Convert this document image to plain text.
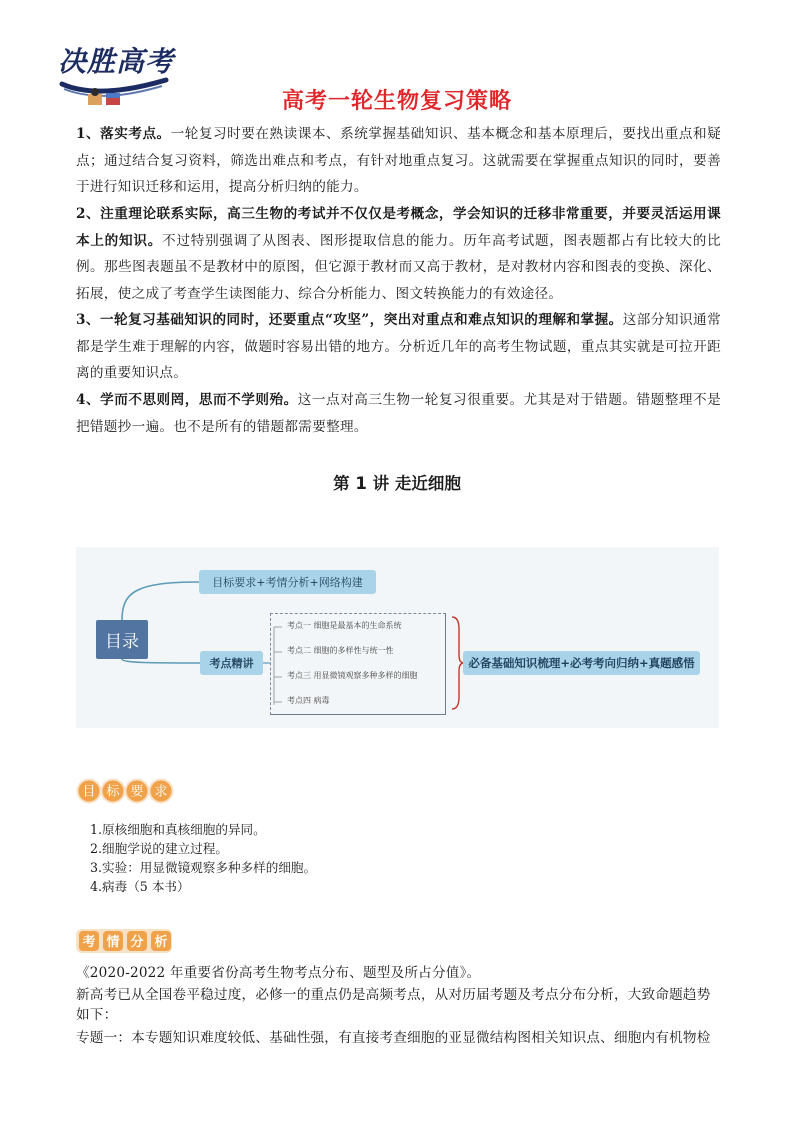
决胜高考
高考一轮生物复习策略
1、落实考点。一轮复习时要在熟读课本、系统掌握基础知识、基本概念和基本原理后，要找出重点和疑点；通过结合复习资料，筛选出难点和考点，有针对地重点复习。这就需要在掌握重点知识的同时，要善于进行知识迁移和运用，提高分析归纳的能力。
2、注重理论联系实际，高三生物的考试并不仅仅是考概念，学会知识的迁移非常重要，并要灵活运用课本上的知识。不过特别强调了从图表、图形提取信息的能力。历年高考试题，图表题都占有比较大的比例。那些图表题虽不是教材中的原图，但它源于教材而又高于教材，是对教材内容和图表的变换、深化、拓展，使之成了考查学生读图能力、综合分析能力、图文转换能力的有效途径。
3、一轮复习基础知识的同时，还要重点“攻坚”，突出对重点和难点知识的理解和掌握。这部分知识通常都是学生难于理解的内容，做题时容易出错的地方。分析近几年的高考生物试题，重点其实就是可拉开距离的重要知识点。
4、学而不思则罔，思而不学则殆。这一点对高三生物一轮复习很重要。尤其是对于错题。错题整理不是把错题抄一遍。也不是所有的错题都需要整理。
第 1 讲 走近细胞
目录
目标要求+考情分析+网络构建
考点精讲
考点一 细胞是最基本的生命系统
考点二 细胞的多样性与统一性
考点三 用显微镜观察多种多样的细胞
考点四 病毒
必备基础知识梳理+必考考向归纳+真题感悟
目 标 要 求
1.原核细胞和真核细胞的异同。
2.细胞学说的建立过程。
3.实验：用显微镜观察多种多样的细胞。
4.病毒（5 本书）
考 情 分 析
《2020-2022 年重要省份高考生物考点分布、题型及所占分值》。
新高考已从全国卷平稳过度，必修一的重点仍是高频考点，从对历届考题及考点分布分析，大致命题趋势如下：
专题一：本专题知识难度较低、基础性强，有直接考查细胞的亚显微结构图相关知识点、细胞内有机物检
